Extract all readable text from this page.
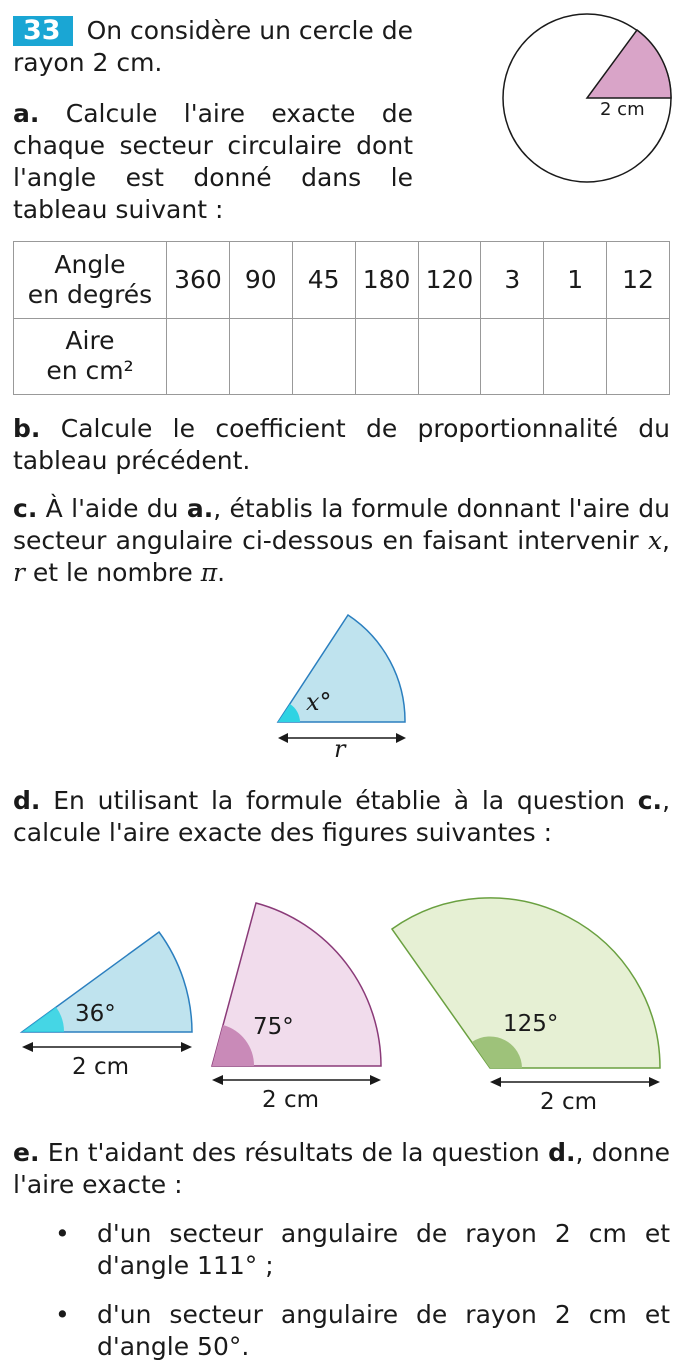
33 On considère un cercle de rayon 2 cm.

a. Calcule l'aire exacte de chaque secteur circulaire dont l'angle est donné dans le tableau suivant :

2 cm
Angle
en degrés	360	90	45	180	120	3	1	12

Aire
en cm²								

b. Calcule le coefficient de proportionnalité du tableau précédent.

c. À l'aide du a., établis la formule donnant l'aire du secteur angulaire ci-dessous en faisant intervenir x, r et le nombre π.

x°
r

d. En utilisant la formule établie à la question c., calcule l'aire exacte des figures suivantes :

36°
2 cm
75°
2 cm
125°
2 cm

e. En t'aidant des résultats de la question d., donne l'aire exacte :

• d'un secteur angulaire de rayon 2 cm et d'angle 111° ;
• d'un secteur angulaire de rayon 2 cm et d'angle 50°.
